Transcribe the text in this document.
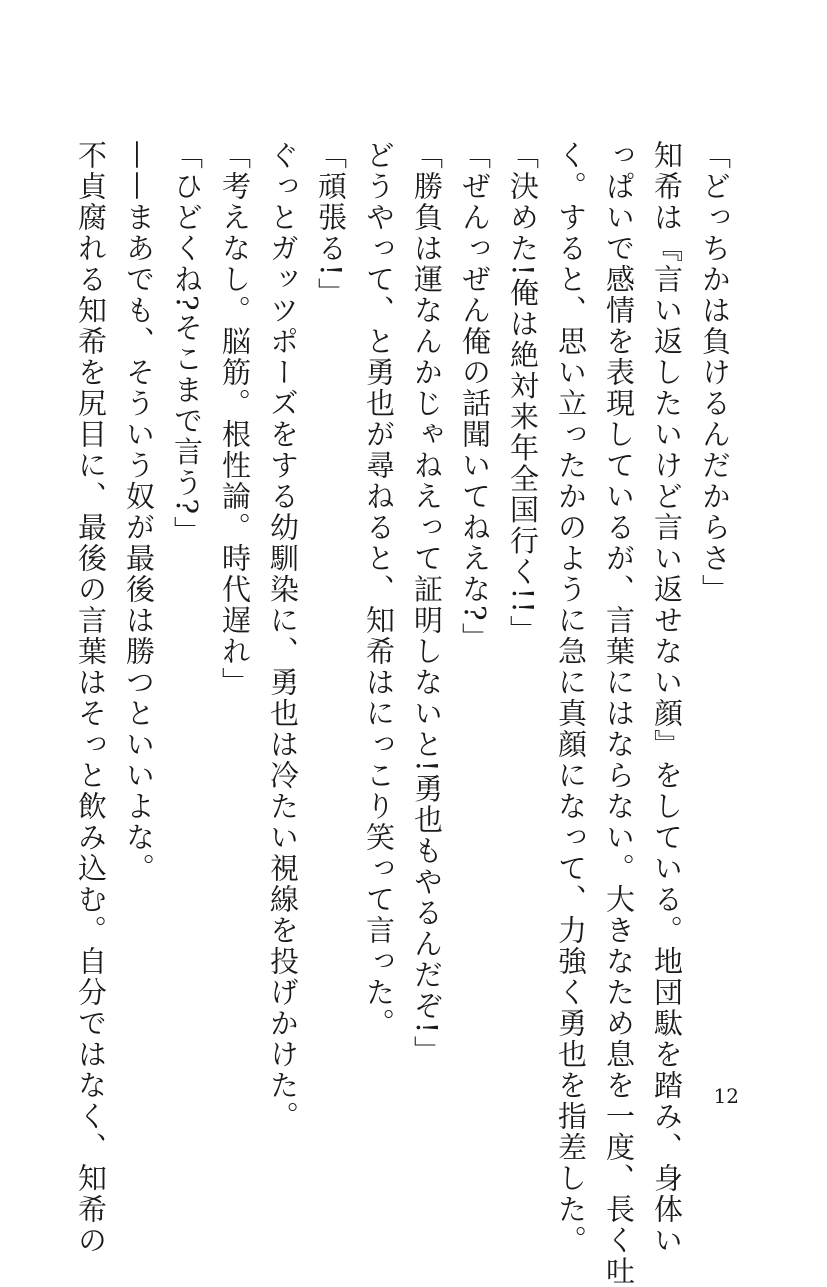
「どっちかは負けるんだからさ」
知希は『言い返したいけど言い返せない顔』をしている。地団駄を踏み、身体い
っぱいで感情を表現しているが、言葉にはならない。大きなため息を一度、長く吐
く。すると、思い立ったかのように急に真顔になって、力強く勇也を指差した。
「決めた!俺は絶対来年全国行く!!」
「ぜんっぜん俺の話聞いてねえな?」
「勝負は運なんかじゃねえって証明しないと!勇也もやるんだぞ!」
どうやって、と勇也が尋ねると、知希はにっこり笑って言った。
「頑張る!」
ぐっとガッツポーズをする幼馴染に、勇也は冷たい視線を投げかけた。
「考えなし。脳筋。根性論。時代遅れ」
「ひどくね?そこまで言う?」
——まあでも、そういう奴が最後は勝つといいよな。
不貞腐れる知希を尻目に、最後の言葉はそっと飲み込む。自分ではなく、知希の	12
